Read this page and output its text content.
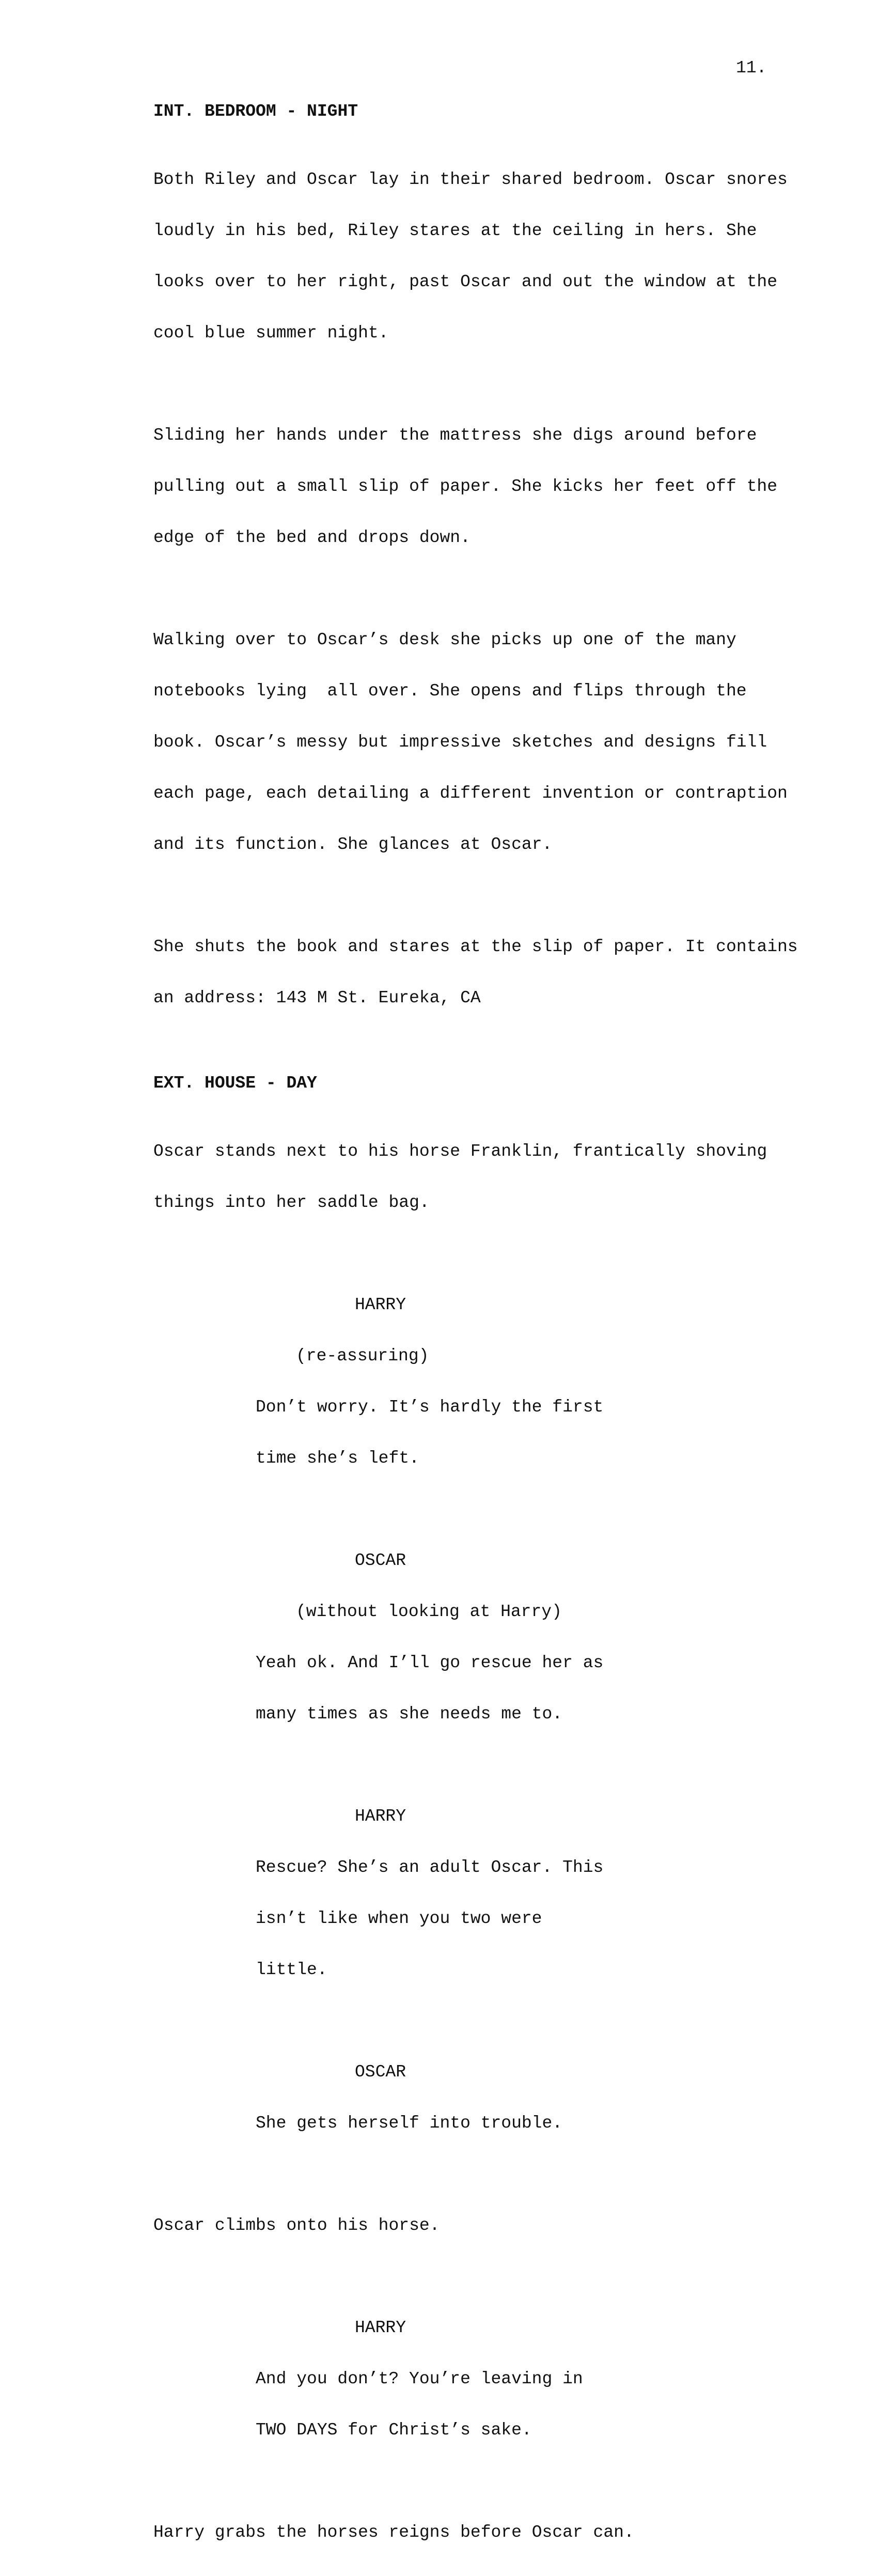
11.
INT. BEDROOM - NIGHT

Both Riley and Oscar lay in their shared bedroom. Oscar snores

loudly in his bed, Riley stares at the ceiling in hers. She

looks over to her right, past Oscar and out the window at the

cool blue summer night.

Sliding her hands under the mattress she digs around before

pulling out a small slip of paper. She kicks her feet off the

edge of the bed and drops down.

Walking over to Oscar’s desk she picks up one of the many

notebooks lying  all over. She opens and flips through the

book. Oscar’s messy but impressive sketches and designs fill

each page, each detailing a different invention or contraption

and its function. She glances at Oscar.

She shuts the book and stares at the slip of paper. It contains

an address: 143 M St. Eureka, CA

EXT. HOUSE - DAY

Oscar stands next to his horse Franklin, frantically shoving

things into her saddle bag.

HARRY

(re-assuring)

Don’t worry. It’s hardly the first

time she’s left.

OSCAR

(without looking at Harry)

Yeah ok. And I’ll go rescue her as

many times as she needs me to.

HARRY

Rescue? She’s an adult Oscar. This

isn’t like when you two were

little.

OSCAR

She gets herself into trouble.

Oscar climbs onto his horse.

HARRY

And you don’t? You’re leaving in

TWO DAYS for Christ’s sake.

Harry grabs the horses reigns before Oscar can.
